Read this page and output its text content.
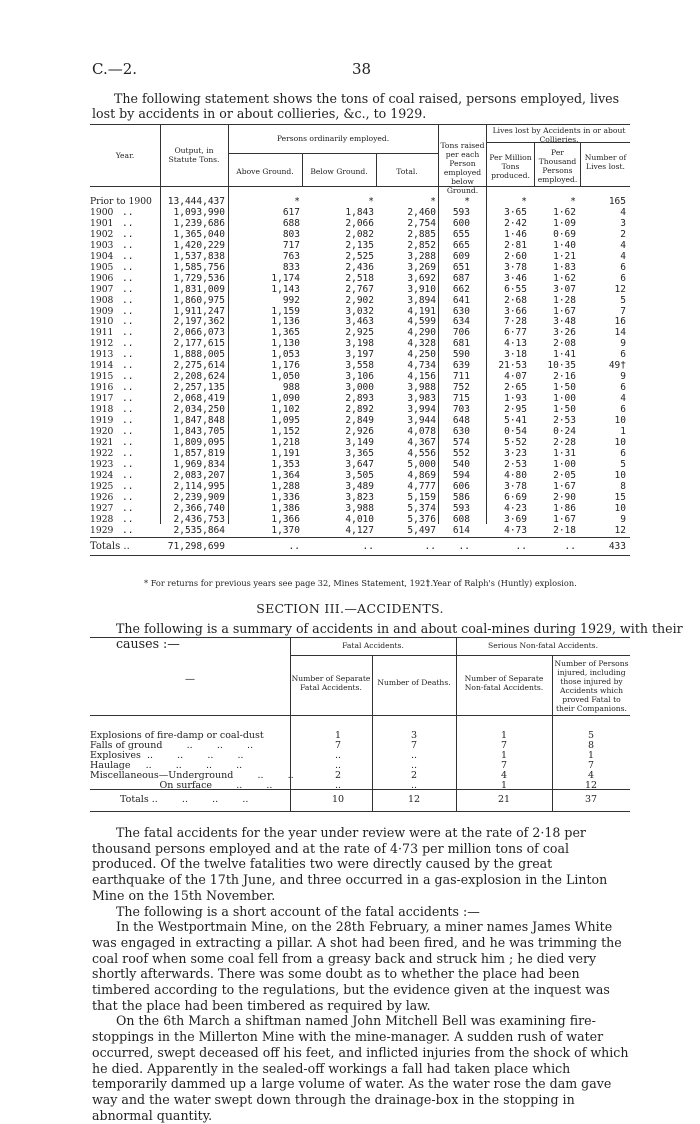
C.—2.	38

The following statement shows the tons of coal raised, persons employed, lives lost by accidents in or about collieries, &c., to 1929.

Year.
Output, in Statute Tons.
Persons ordinarily employed.
Above Ground.	Below Ground.	Total.
Tons raised per each Person employed below Ground.
Lives lost by Accidents in or about Collieries.
Per Million Tons produced.
Per Thousand Persons employed.
Number of Lives lost.
Prior to 1900	13,444,437	*	*	*	*	*	*	165
1900 ..	1,093,990	617	1,843	2,460	593	3·65	1·62	4
1901 ..	1,239,686	688	2,066	2,754	600	2·42	1·09	3
1902 ..	1,365,040	803	2,082	2,885	655	1·46	0·69	2
1903 ..	1,420,229	717	2,135	2,852	665	2·81	1·40	4
1904 ..	1,537,838	763	2,525	3,288	609	2·60	1·21	4
1905 ..	1,585,756	833	2,436	3,269	651	3·78	1·83	6
1906 ..	1,729,536	1,174	2,518	3,692	687	3·46	1·62	6
1907 ..	1,831,009	1,143	2,767	3,910	662	6·55	3·07	12
1908 ..	1,860,975	992	2,902	3,894	641	2·68	1·28	5
1909 ..	1,911,247	1,159	3,032	4,191	630	3·66	1·67	7
1910 ..	2,197,362	1,136	3,463	4,599	634	7·28	3·48	16
1911 ..	2,066,073	1,365	2,925	4,290	706	6·77	3·26	14
1912 ..	2,177,615	1,130	3,198	4,328	681	4·13	2·08	9
1913 ..	1,888,005	1,053	3,197	4,250	590	3·18	1·41	6
1914 ..	2,275,614	1,176	3,558	4,734	639	21·53	10·35	49†
1915 ..	2,208,624	1,050	3,106	4,156	711	4·07	2·16	9
1916 ..	2,257,135	988	3,000	3,988	752	2·65	1·50	6
1917 ..	2,068,419	1,090	2,893	3,983	715	1·93	1·00	4
1918 ..	2,034,250	1,102	2,892	3,994	703	2·95	1·50	6
1919 ..	1,847,848	1,095	2,849	3,944	648	5·41	2·53	10
1920 ..	1,843,705	1,152	2,926	4,078	630	0·54	0·24	1
1921 ..	1,809,095	1,218	3,149	4,367	574	5·52	2·28	10
1922 ..	1,857,819	1,191	3,365	4,556	552	3·23	1·31	6
1923 ..	1,969,834	1,353	3,647	5,000	540	2·53	1·00	5
1924 ..	2,083,207	1,364	3,505	4,869	594	4·80	2·05	10
1925 ..	2,114,995	1,288	3,489	4,777	606	3·78	1·67	8
1926 ..	2,239,909	1,336	3,823	5,159	586	6·69	2·90	15
1927 ..	2,366,740	1,386	3,988	5,374	593	4·23	1·86	10
1928 ..	2,436,753	1,366	4,010	5,376	608	3·69	1·67	9
1929 ..	2,535,864	1,370	4,127	5,497	614	4·73	2·18	12
Totals ..	71,298,699	..	..	..	..	..	..	433
* For returns for previous years see page 32, Mines Statement, 1921.
† Year of Ralph's (Huntly) explosion.
SECTION III.—ACCIDENTS.
The following is a summary of accidents in and about coal-mines during 1929, with their causes :—
—
Fatal Accidents.	Serious Non-fatal Accidents.
Number of Separate Fatal Accidents.
Number of Deaths.	Number of Separate Non-fatal Accidents.
Number of Persons injured, including those injured by Accidents which proved Fatal to their Companions.
Explosions of fire-damp or coal-dust	1	3	1	5
Falls of ground        ..        ..        ..	7	7	7	8
Explosives  ..        ..        ..        ..	..	..	1	1
Haulage     ..        ..        ..        ..	..	..	7	7
Miscellaneous—Underground        ..        ..	2	2	4	4
On surface        ..        ..	..	..	1	12
Totals ..        ..        ..        ..	10	12	21	37

The fatal accidents for the year under review were at the rate of 2·18 per thousand persons employed and at the rate of 4·73 per million tons of coal produced. Of the twelve fatalities two were directly caused by the great earthquake of the 17th June, and three occurred in a gas-explosion in the Linton Mine on the 15th November.

The following is a short account of the fatal accidents :—

In the Westportmain Mine, on the 28th February, a miner names James White was engaged in extracting a pillar. A shot had been fired, and he was trimming the coal roof when some coal fell from a greasy back and struck him ; he died very shortly afterwards. There was some doubt as to whether the place had been timbered according to the regulations, but the evidence given at the inquest was that the place had been timbered as required by law.

On the 6th March a shiftman named John Mitchell Bell was examining fire-stoppings in the Millerton Mine with the mine-manager. A sudden rush of water occurred, swept deceased off his feet, and inflicted injuries from the shock of which he died. Apparently in the sealed-off workings a fall had taken place which temporarily dammed up a large volume of water. As the water rose the dam gave way and the water swept down through the drainage-box in the stopping in abnormal quantity.
